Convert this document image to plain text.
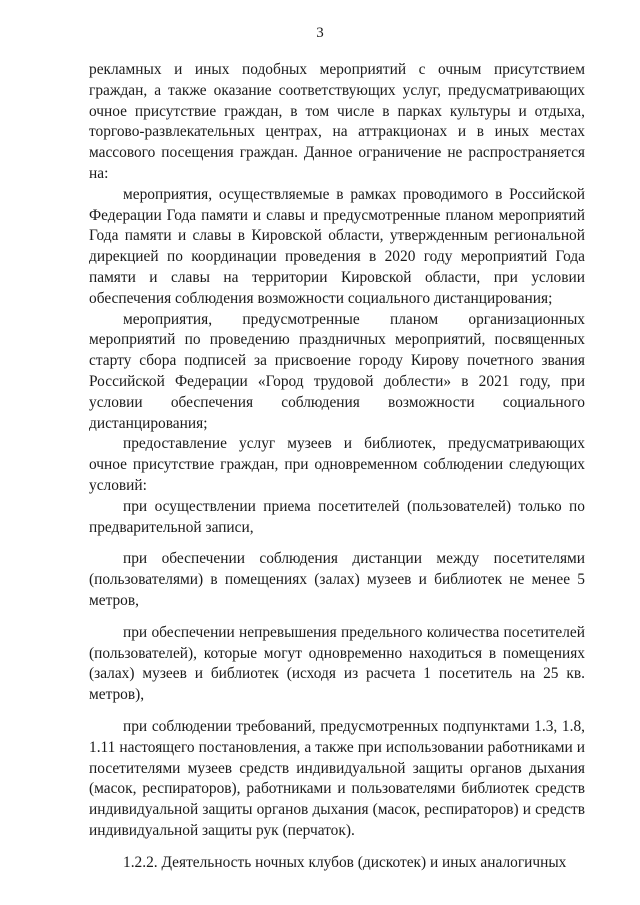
3

рекламных и иных подобных мероприятий с очным присутствием граждан, а также оказание соответствующих услуг, предусматривающих очное присутствие граждан, в том числе в парках культуры и отдыха, торгово-развлекательных центрах, на аттракционах и в иных местах массового посещения граждан. Данное ограничение не распространяется на:

мероприятия, осуществляемые в рамках проводимого в Российской Федерации Года памяти и славы и предусмотренные планом мероприятий Года памяти и славы в Кировской области, утвержденным региональной дирекцией по координации проведения в 2020 году мероприятий Года памяти и славы на территории Кировской области, при условии обеспечения соблюдения возможности социального дистанцирования;

мероприятия, предусмотренные планом организационных мероприятий по проведению праздничных мероприятий, посвященных старту сбора подписей за присвоение городу Кирову почетного звания Российской Федерации «Город трудовой доблести» в 2021 году, при условии обеспечения соблюдения возможности социального дистанцирования;

предоставление услуг музеев и библиотек, предусматривающих очное присутствие граждан, при одновременном соблюдении следующих условий:

при осуществлении приема посетителей (пользователей) только по предварительной записи,

при обеспечении соблюдения дистанции между посетителями (пользователями) в помещениях (залах) музеев и библиотек не менее 5 метров,

при обеспечении непревышения предельного количества посетителей (пользователей), которые могут одновременно находиться в помещениях (залах) музеев и библиотек (исходя из расчета 1 посетитель на 25 кв. метров),

при соблюдении требований, предусмотренных подпунктами 1.3, 1.8, 1.11 настоящего постановления, а также при использовании работниками и посетителями музеев средств индивидуальной защиты органов дыхания (масок, респираторов), работниками и пользователями библиотек средств индивидуальной защиты органов дыхания (масок, респираторов) и средств индивидуальной защиты рук (перчаток).

1.2.2. Деятельность ночных клубов (дискотек) и иных аналогичных
